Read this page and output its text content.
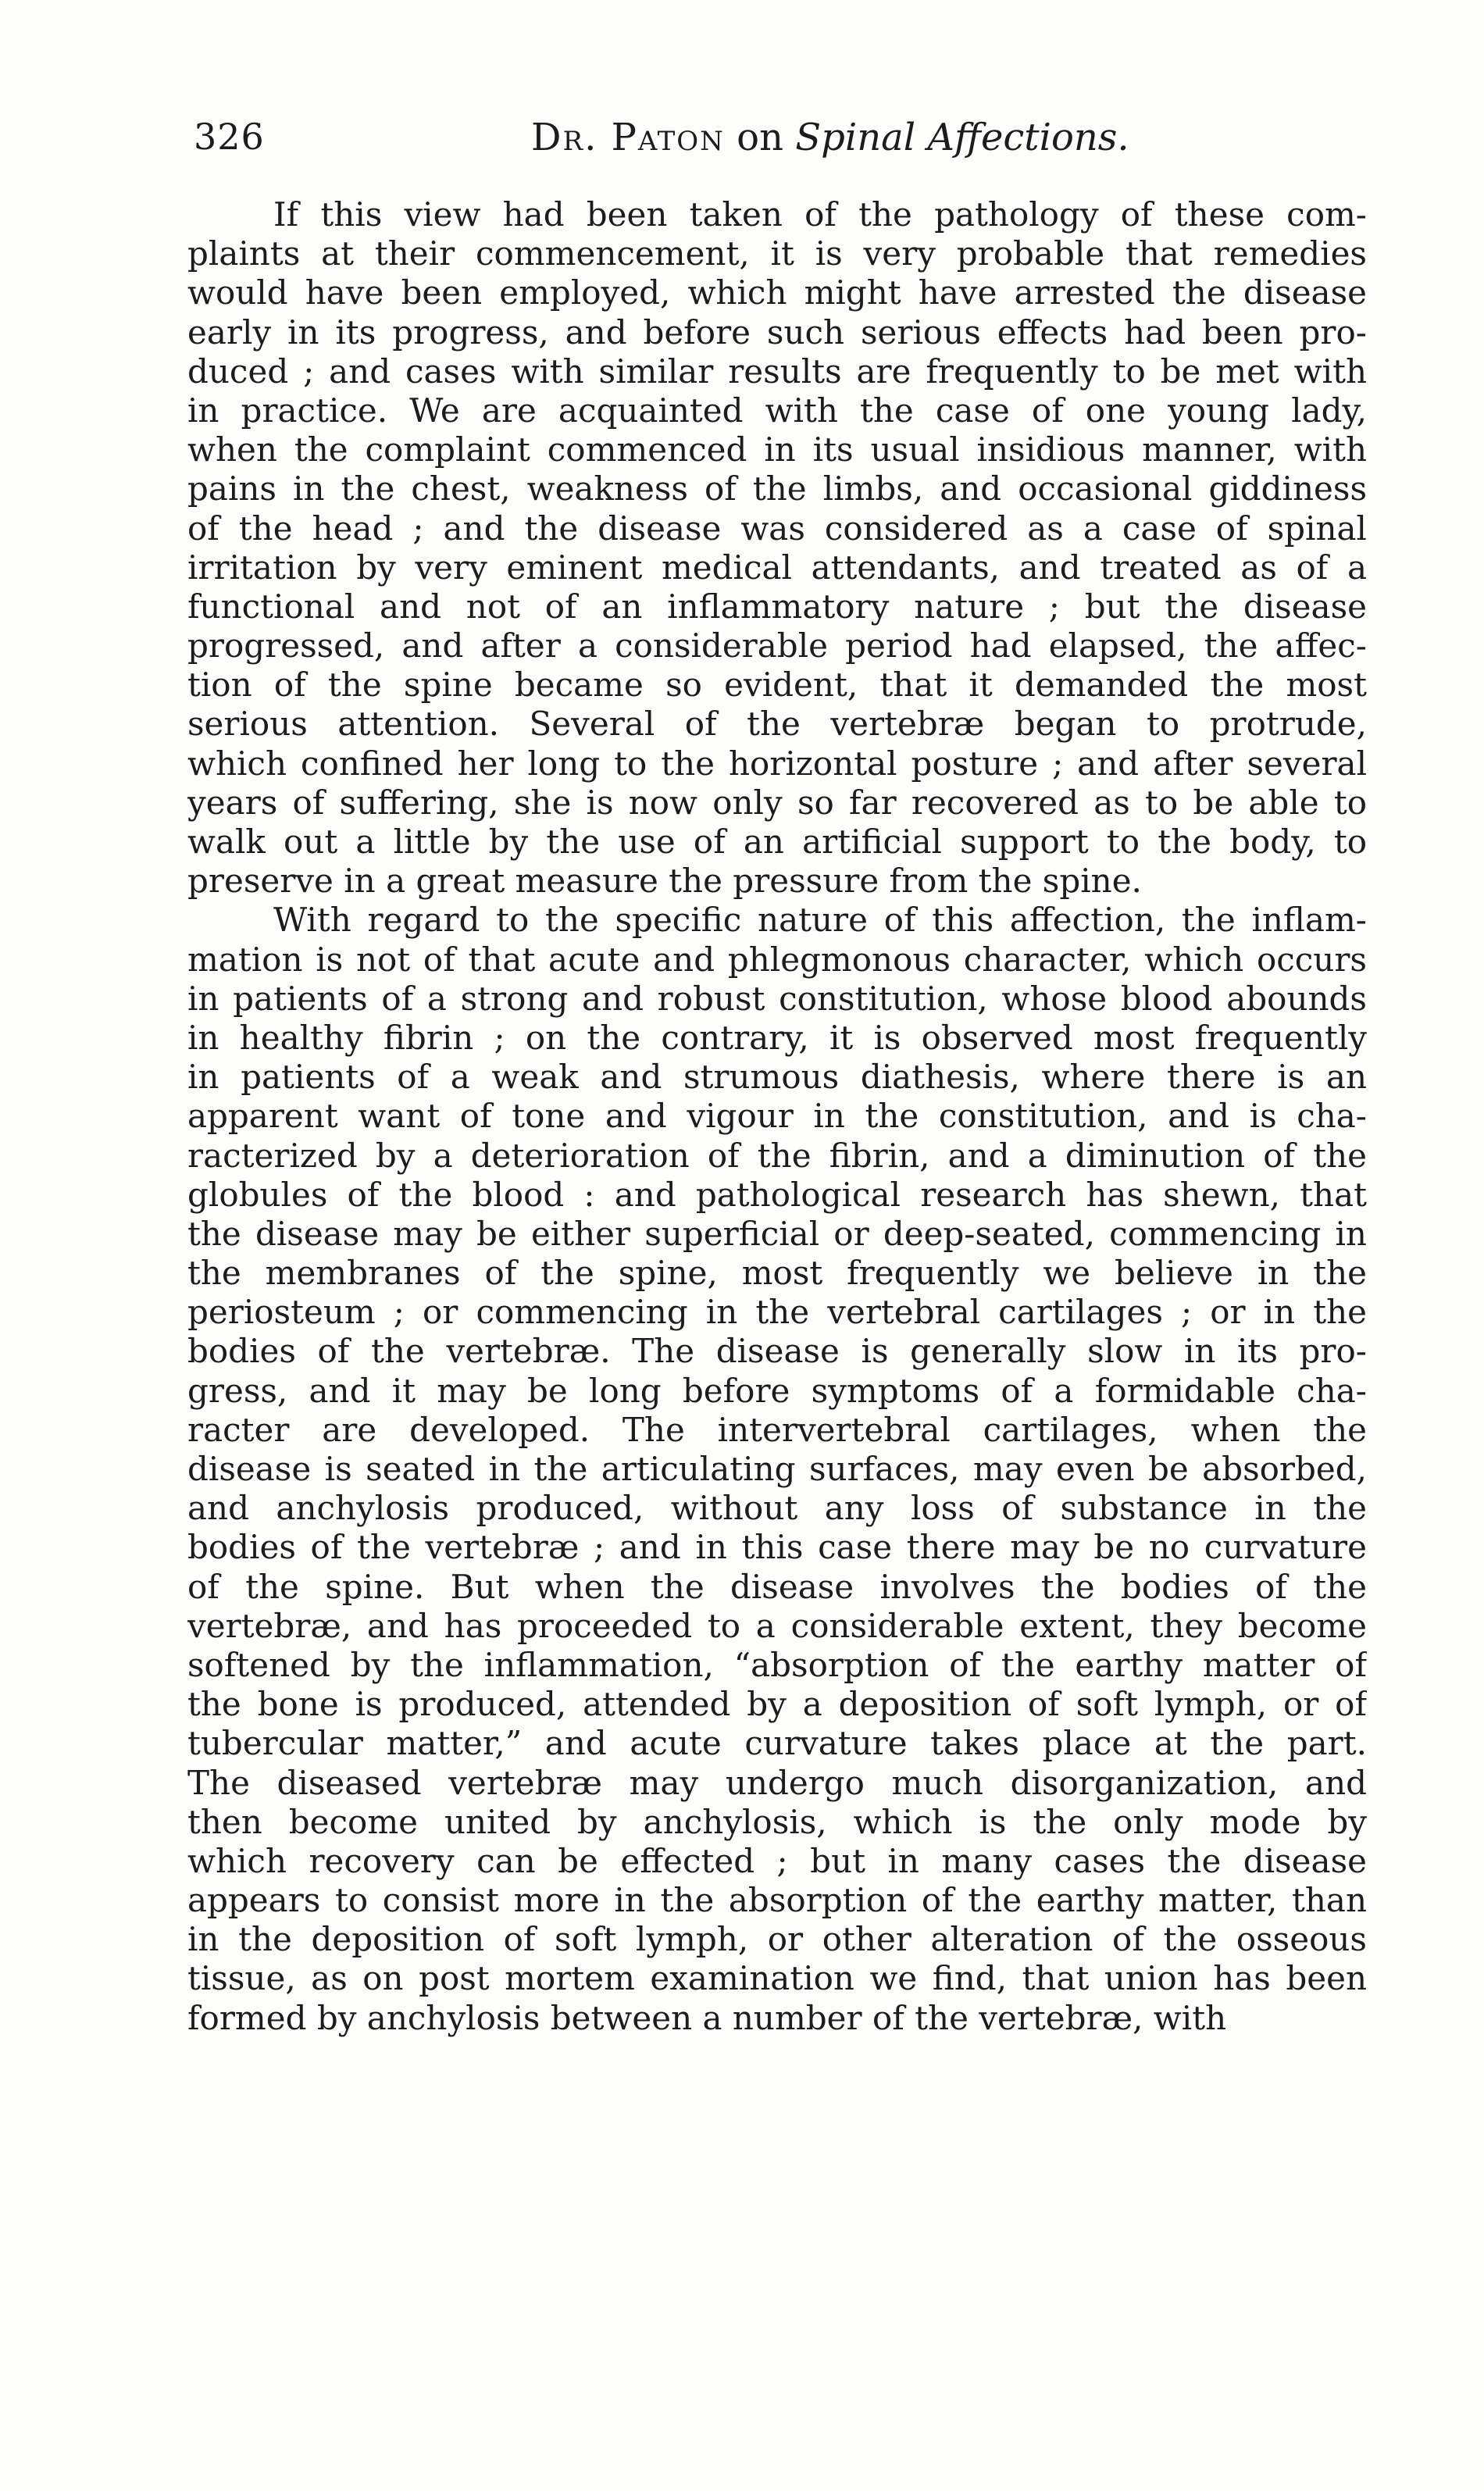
326	Dr. Paton on Spinal Affections.
If this view had been taken of the pathology of these com-
plaints at their commencement, it is very probable that remedies
would have been employed, which might have arrested the disease
early in its progress, and before such serious effects had been pro-
duced ; and cases with similar results are frequently to be met with
in practice. We are acquainted with the case of one young lady,
when the complaint commenced in its usual insidious manner, with
pains in the chest, weakness of the limbs, and occasional giddiness
of the head ; and the disease was considered as a case of spinal
irritation by very eminent medical attendants, and treated as of a
functional and not of an inflammatory nature ; but the disease
progressed, and after a considerable period had elapsed, the affec-
tion of the spine became so evident, that it demanded the most
serious attention. Several of the vertebræ began to protrude,
which confined her long to the horizontal posture ; and after several
years of suffering, she is now only so far recovered as to be able to
walk out a little by the use of an artificial support to the body, to
preserve in a great measure the pressure from the spine.
With regard to the specific nature of this affection, the inflam-
mation is not of that acute and phlegmonous character, which occurs
in patients of a strong and robust constitution, whose blood abounds
in healthy fibrin ; on the contrary, it is observed most frequently
in patients of a weak and strumous diathesis, where there is an
apparent want of tone and vigour in the constitution, and is cha-
racterized by a deterioration of the fibrin, and a diminution of the
globules of the blood : and pathological research has shewn, that
the disease may be either superficial or deep-seated, commencing in
the membranes of the spine, most frequently we believe in the
periosteum ; or commencing in the vertebral cartilages ; or in the
bodies of the vertebræ. The disease is generally slow in its pro-
gress, and it may be long before symptoms of a formidable cha-
racter are developed. The intervertebral cartilages, when the
disease is seated in the articulating surfaces, may even be absorbed,
and anchylosis produced, without any loss of substance in the
bodies of the vertebræ ; and in this case there may be no curvature
of the spine. But when the disease involves the bodies of the
vertebræ, and has proceeded to a considerable extent, they become
softened by the inflammation, “absorption of the earthy matter of
the bone is produced, attended by a deposition of soft lymph, or of
tubercular matter,” and acute curvature takes place at the part.
The diseased vertebræ may undergo much disorganization, and
then become united by anchylosis, which is the only mode by
which recovery can be effected ; but in many cases the disease
appears to consist more in the absorption of the earthy matter, than
in the deposition of soft lymph, or other alteration of the osseous
tissue, as on post mortem examination we find, that union has been
formed by anchylosis between a number of the vertebræ, with
